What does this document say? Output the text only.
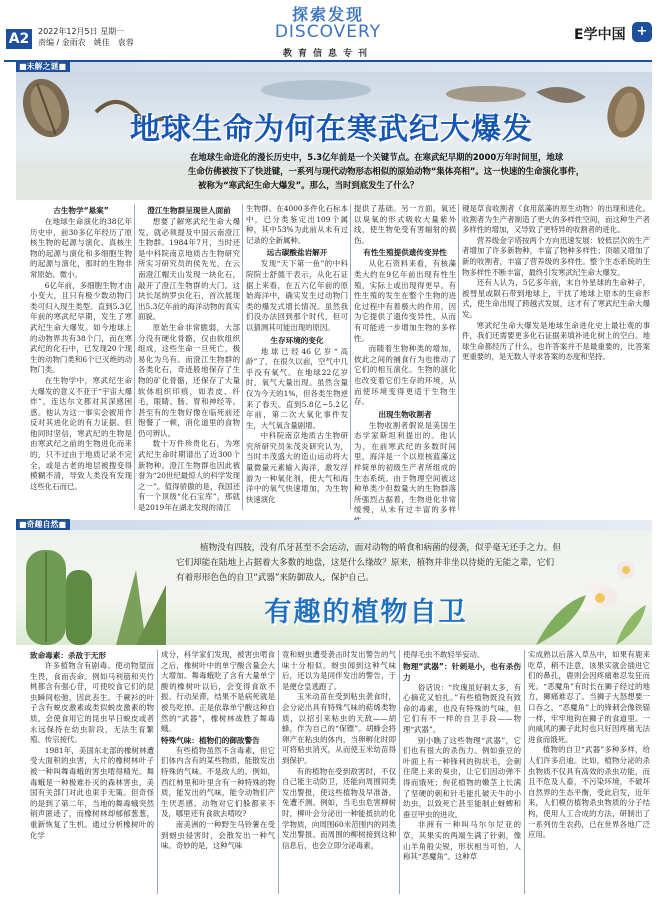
A2	2022年12月5日 星期一
责编 / 金雨农　姚佳　袁蓉
探索发现
DISCOVERY
教育信息专刊
E学中国 +
■未解之谜■
地球生命为何在寒武纪大爆发
在地球生命进化的漫长历史中，5.3亿年前是一个关键节点。在寒武纪早期的2000万年时间里，地球
生命仿佛被按下了快进键，一系列与现代动物形态相似的原始动物“集体亮相”。这一快速的生命演化事件，
被称为“寒武纪生命大爆发”。那么，当时到底发生了什么？
古生物学“悬案”

在地球生命演化的38亿年历史中，前30多亿年经历了原核生物的起源与演化、真核生物的起源与演化和多细胞生物的起源与演化，那时的生物非常原始、微小。

6亿年前，多细胞生物才由小变大，且只有极少数动物门类可归入现生类型。直到5.3亿年前的寒武纪早期，发生了寒武纪生命大爆发。如今地球上的动物界共有38个门，而在寒武纪的化石中，已发现20个现生的动物门类和6个已灭绝的动物门类。

在生物学中，寒武纪生命大爆发的意义不亚于“宇宙大爆炸”，连达尔文都对其深感困惑。他认为这一事实会被用作反对其进化论的有力证据。但他同时坚信，寒武纪的生物是由寒武纪之前的生物进化而来的，只不过由于地质记录不完全，或是古老的地层被搜变得模糊不清，导致人类没有发现这些化石而已。

澄江生物群呈现世人面前

想要了解寒武纪生命大爆发，就必须提及中国云南澄江生物群。1984年7月，当时还是中科院南京地质古生物研究所实习研究员的侯先光，在云南澄江帽天山发现一块化石，敲开了澄江生物群的大门。这块长尾纳罗虫化石，首次展现出5.3亿年前的海洋动物的真实面貌。

原始生命非常脆弱，大部分没有硬化骨骼，仅由软组织组成，这些生命一旦死亡，极易化为乌有。而澄江生物群的各类化石，奇迹般地保存了生物的矿化骨骼，还保存了大量软体组织印痕，如表皮、纤毛，眼睛、肠、胃和神经等。甚至有的生物好像在临死前还饱餐了一顿，消化道里的食物仍可辨认。

数十万件珍贵化石，为寒武纪生命时期谱出了近300个新物种。澄江生物群也因此被誉为“20世纪最惊人的科学发现之一”。值得骄傲的是，我国还有一个顶级“化石宝库”，那就是2019年在湖北发现的清江

生物群。在4000多件化石标本中，已分类鉴定出109个属种，其中53%为此前从未有过记录的全新属种。

远古碳酸盐岩解开

发现“天下第一鱼”的中科院院士舒德干表示，从化石证据上来看，在五六亿年前的原始海洋中，确实发生过动物门类的爆发式增长情况。虽然我们没办法回到那个时代，但可以猜测其可能出现的原因。

生存环境的变化

地球已经46亿岁“高龄”了，在很久以前，空气中几乎没有氧气。在地球22亿岁时，氧气大量出现。虽然含量仅为今天的1%，但各类生物逆来了春天。直到5.8亿~5.2亿年前，第二次大氧化事件发生，大气氧含量剧增。

中科院南京地质古生物研究所研究员朱茂炎研究认为，当时丰茂盛大的造山运动将大量微量元素输入海洋，激发浮游为一种氧化剂，使大气和海洋中的氧气快速增加，为生物快速演化

提供了基础。另一方面，氧还以臭氧的形式吸收大量紫外线，使生物免受有害辐射的损伤。

有性生殖提供遗传变异性

从化石资料来看，有核藻类大约在9亿年前出现有性生殖，实际上或出现得更早。有性生殖的发生在整个生物的进化过程中有着极大的作用，因为它提供了遗传变异性，从而有可能进一步增加生物的多样性。

而随着生物种类的增加，彼此之间的捕食行为也推动了它们的相互演化。生物的演化也改变着它们生存的环境，从而使环境变得更适于生物生存。

出现生物收割者

生物收割者假说是美国生态学家斯坦利提出的。他认为，在前寒武纪的多数时间里，海洋是一个以原核蓝藻这样简单的初级生产者所组成的生态系统。由于物理空间被这种单类少但数量大的生物群落所强烈占据着，生物进化非常缓慢，从未有过丰富的多样

键是草食收割者（食用蓝藻的原生动物）的出现和进化。收割者为生产者制造了更大的多样性空间，而这种生产者多样性的增加，又导致了更特异的收割者的进化。

营养级金字塔按两个方向迅速发展：较低层次的生产者增加了许多新物种，丰富了物种多样性；顶端又增加了新的收割者，丰富了营养级的多样性。整个生态系统的生物多样性不断丰富，最终引发寒武纪生命大爆发。

还有人认为，5亿多年前，末自外星球的生命种子，被彗星或陨石带到地球上，干扰了地球上原本的生命形式，使生命出现了跨越式发展，这才有了寒武纪生命大爆发。

寒武纪生命大爆发是地球生命进化史上最壮观的事件，我们还需要更多化石证据来填补进化树上的空白。地球生命都经历了什么，也许答案并不是最重要的，比答案更重要的，是无数人寻求答案的态度和坚持。

■奇趣自然■
植物没有四肢，没有爪牙甚至不会运动，面对动物的啃食和病菌的侵袭，似乎毫无还手之力。但
它们却能在陆地上占据着大多数的地盘，这是什么缘故？原来，植物并非坐以待毙的无能之辈，它们
有着形形色色的自卫“武器”来防御敌人，保护自己。
有趣的植物自卫
致命毒素：杀敌于无形

许多植物含有剧毒。使动物望而生畏，食而丧命。例如马利筋和夹竹桃都含有强心苷，可使咬食它们的昆虫瞬间松弛，因此丧生。千蕨衫的叶子含有蜕皮激素或类似蜕皮激素的物质，会使食用它的昆虫早日蜕皮或者永远保持在幼虫阶段，无法生育繁殖、传宗接代。

1981年，美国东北部的橡树林遭受大面积的虫害，大片的橡树林叶子被一种叫舞毒蛾的害虫啃得精光。舞毒蛾是一种极难扑灭的森林害虫，美国有关部门对此也束手无策。但奇怪的是到了第二年，当地的舞毒蛾突然销声匿迹了，而橡树林却郁郁葱葱，重新恢复了生机。通过分析橡树叶的化学

成分，科学家们发现，被害虫啃食之后，橡树叶中的单宁酸含量会大大增加。舞毒蛾吃了含有大量单宁酸的橡树叶以后，会变得食欲不振、行动呆滞，结果不是病死就是被鸟吃掉。正是依靠单宁酸这种自然的“武器”，橡树林战胜了舞毒蛾。

特殊气味：植物们的御敌警告

有些植物虽然不含毒素，但它们体内含有的某些物质，能散发出特殊的气味。不是敌人的。例如，西红柿里和叶里含有一种特殊的物质，能发出的气味，能令动物们产生厌恶感。动物对它们躲都来不及，哪里还有食欲去啃咬?

南美洲的一种野生马铃薯在受到蚜虫侵害时，会散发出一种气味。奇妙的是，这种气味

竟和蚜虫遭受袭击时发出警告的气味十分相似。蚜虫闻到这种气味后，还以为是同伴发出的警告，于是便仓皇逃跑了。

玉米动苗在受到粘虫袭食时，会分泌出具有特殊气味的萜烯类物质，以招引来粘虫的天敌——胡蜂，作为自己的“保镖”。胡蜂会将卵产在粘虫的体内，当卵孵化时即可将粘虫消灭，从而使玉米幼苗得到保护。

有的植物在受到敌害时，不仅自己能主动防卫，还能向周围同类发出警报，使这些植物及早准备，免遭不测。例如，当毛虫危害柳树时，柳叶会分泌出一种能抵抗的化学物质，向周围60米范围内的同类发出警报。而周围的柳树接到这种信息后，也会立即分泌毒素，

使得毛虫不敢轻举妄动。

物理“武器”：针刺是小，也有杀伤力

俗话说：“玫瑰虽好刺太多，有心摘花又怕扎。”有些植物既没有致命的毒素，也没有特殊的气味，但它们有不一样的自卫手段——物理“武器”。

别小瞧了这些物理“武器”，它们也有很大的杀伤力。例如蚕豆的叶面上有一种锋利的钩状毛，会刺住爬上来的臭虫，让它们因动弹不得而饿死；佝花植物的嫩茎上长满了坚硬的刺和针毛能扎破天牛的小幼虫，以致死亡甚至能制止蚜蜱和蚕豆甲虫的进攻。

非洲有一种叫马尔尔尼亚的草，其果实的两端生满了针刺，像山羊角般尖锐，形状相当可怕，人称其“恶魔角”。这种草

实成熟以后落入草丛中，如果有鹿来吃草，稍不注意，该果实就会插进它们的鼻孔，鹿则会因疼痛难忍发狂而死。“恶魔角”有时长在狮子经过的地方，狮痛难忍了。当狮子大怒想要一口吞之，“恶魔角”上的锋刺会像铁锚一样，牢牢地钩在狮子的食道里。一向威风的狮子此时也只好因疼痛无法进食而饿死。

植物的自卫“武器”多种多样，给人们许多启迪。比如，植物分泌的杀虫物质不仅具有高效的杀虫功能，而且不危及人畜，不污染环境，不破坏自然界的生态平衡，受此启发，近年来，人们模仿植物杀虫物质的分子结构，使用人工合成的方法，研制出了一系列仿生农药，已在世界各地广泛应用。
